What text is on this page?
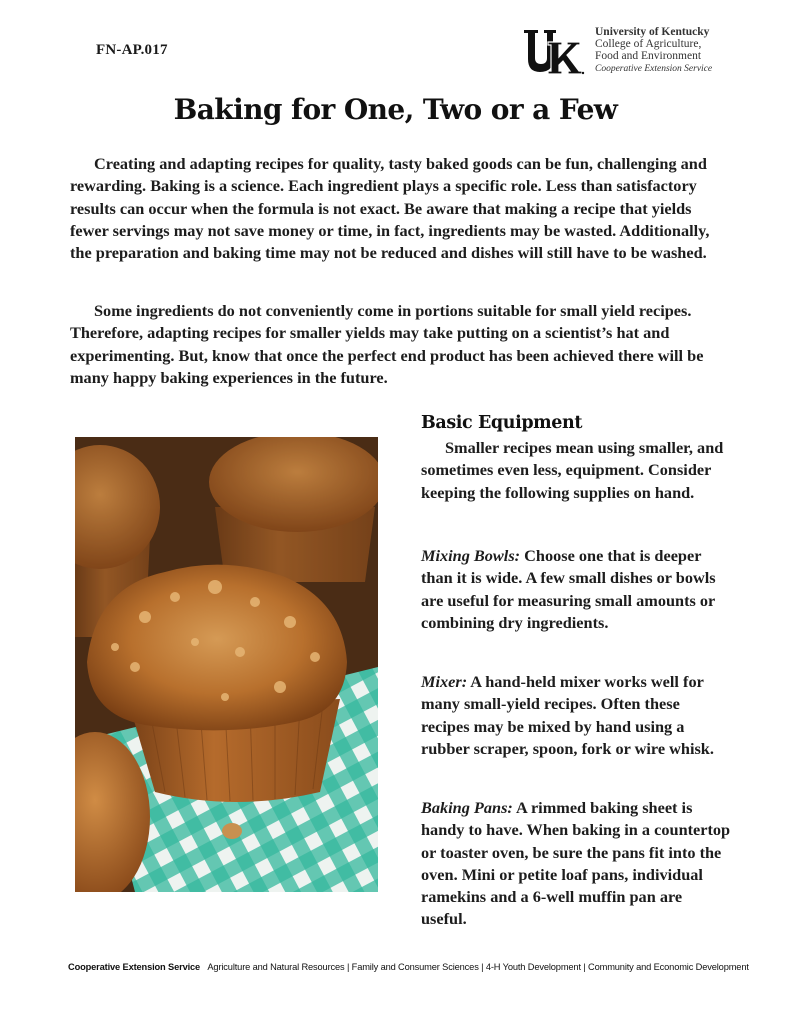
FN-AP.017
University of Kentucky
College of Agriculture,
Food and Environment
Cooperative Extension Service
Baking for One, Two or a Few

Creating and adapting recipes for quality, tasty baked goods can be fun, challenging and rewarding. Baking is a science. Each ingredient plays a specific role. Less than satisfactory results can occur when the formula is not exact. Be aware that making a recipe that yields fewer servings may not save money or time, in fact, ingredients may be wasted. Additionally, the preparation and baking time may not be reduced and dishes will still have to be washed.

Some ingredients do not conveniently come in portions suitable for small yield recipes. Therefore, adapting recipes for smaller yields may take putting on a scientist’s hat and experimenting. But, know that once the perfect end product has been achieved there will be many happy baking experiences in the future.

Basic Equipment

Smaller recipes mean using smaller, and sometimes even less, equipment. Consider keeping the following supplies on hand.

Mixing Bowls: Choose one that is deeper than it is wide. A few small dishes or bowls are useful for measuring small amounts or combining dry ingredients.

Mixer: A hand-held mixer works well for many small-yield recipes. Often these recipes may be mixed by hand using a rubber scraper, spoon, fork or wire whisk.

Baking Pans: A rimmed baking sheet is handy to have. When baking in a countertop or toaster oven, be sure the pans fit into the oven. Mini or petite loaf pans, individual ramekins and a 6-well muffin pan are useful.

Cooperative Extension Service Agriculture and Natural Resources | Family and Consumer Sciences | 4-H Youth Development | Community and Economic Development
